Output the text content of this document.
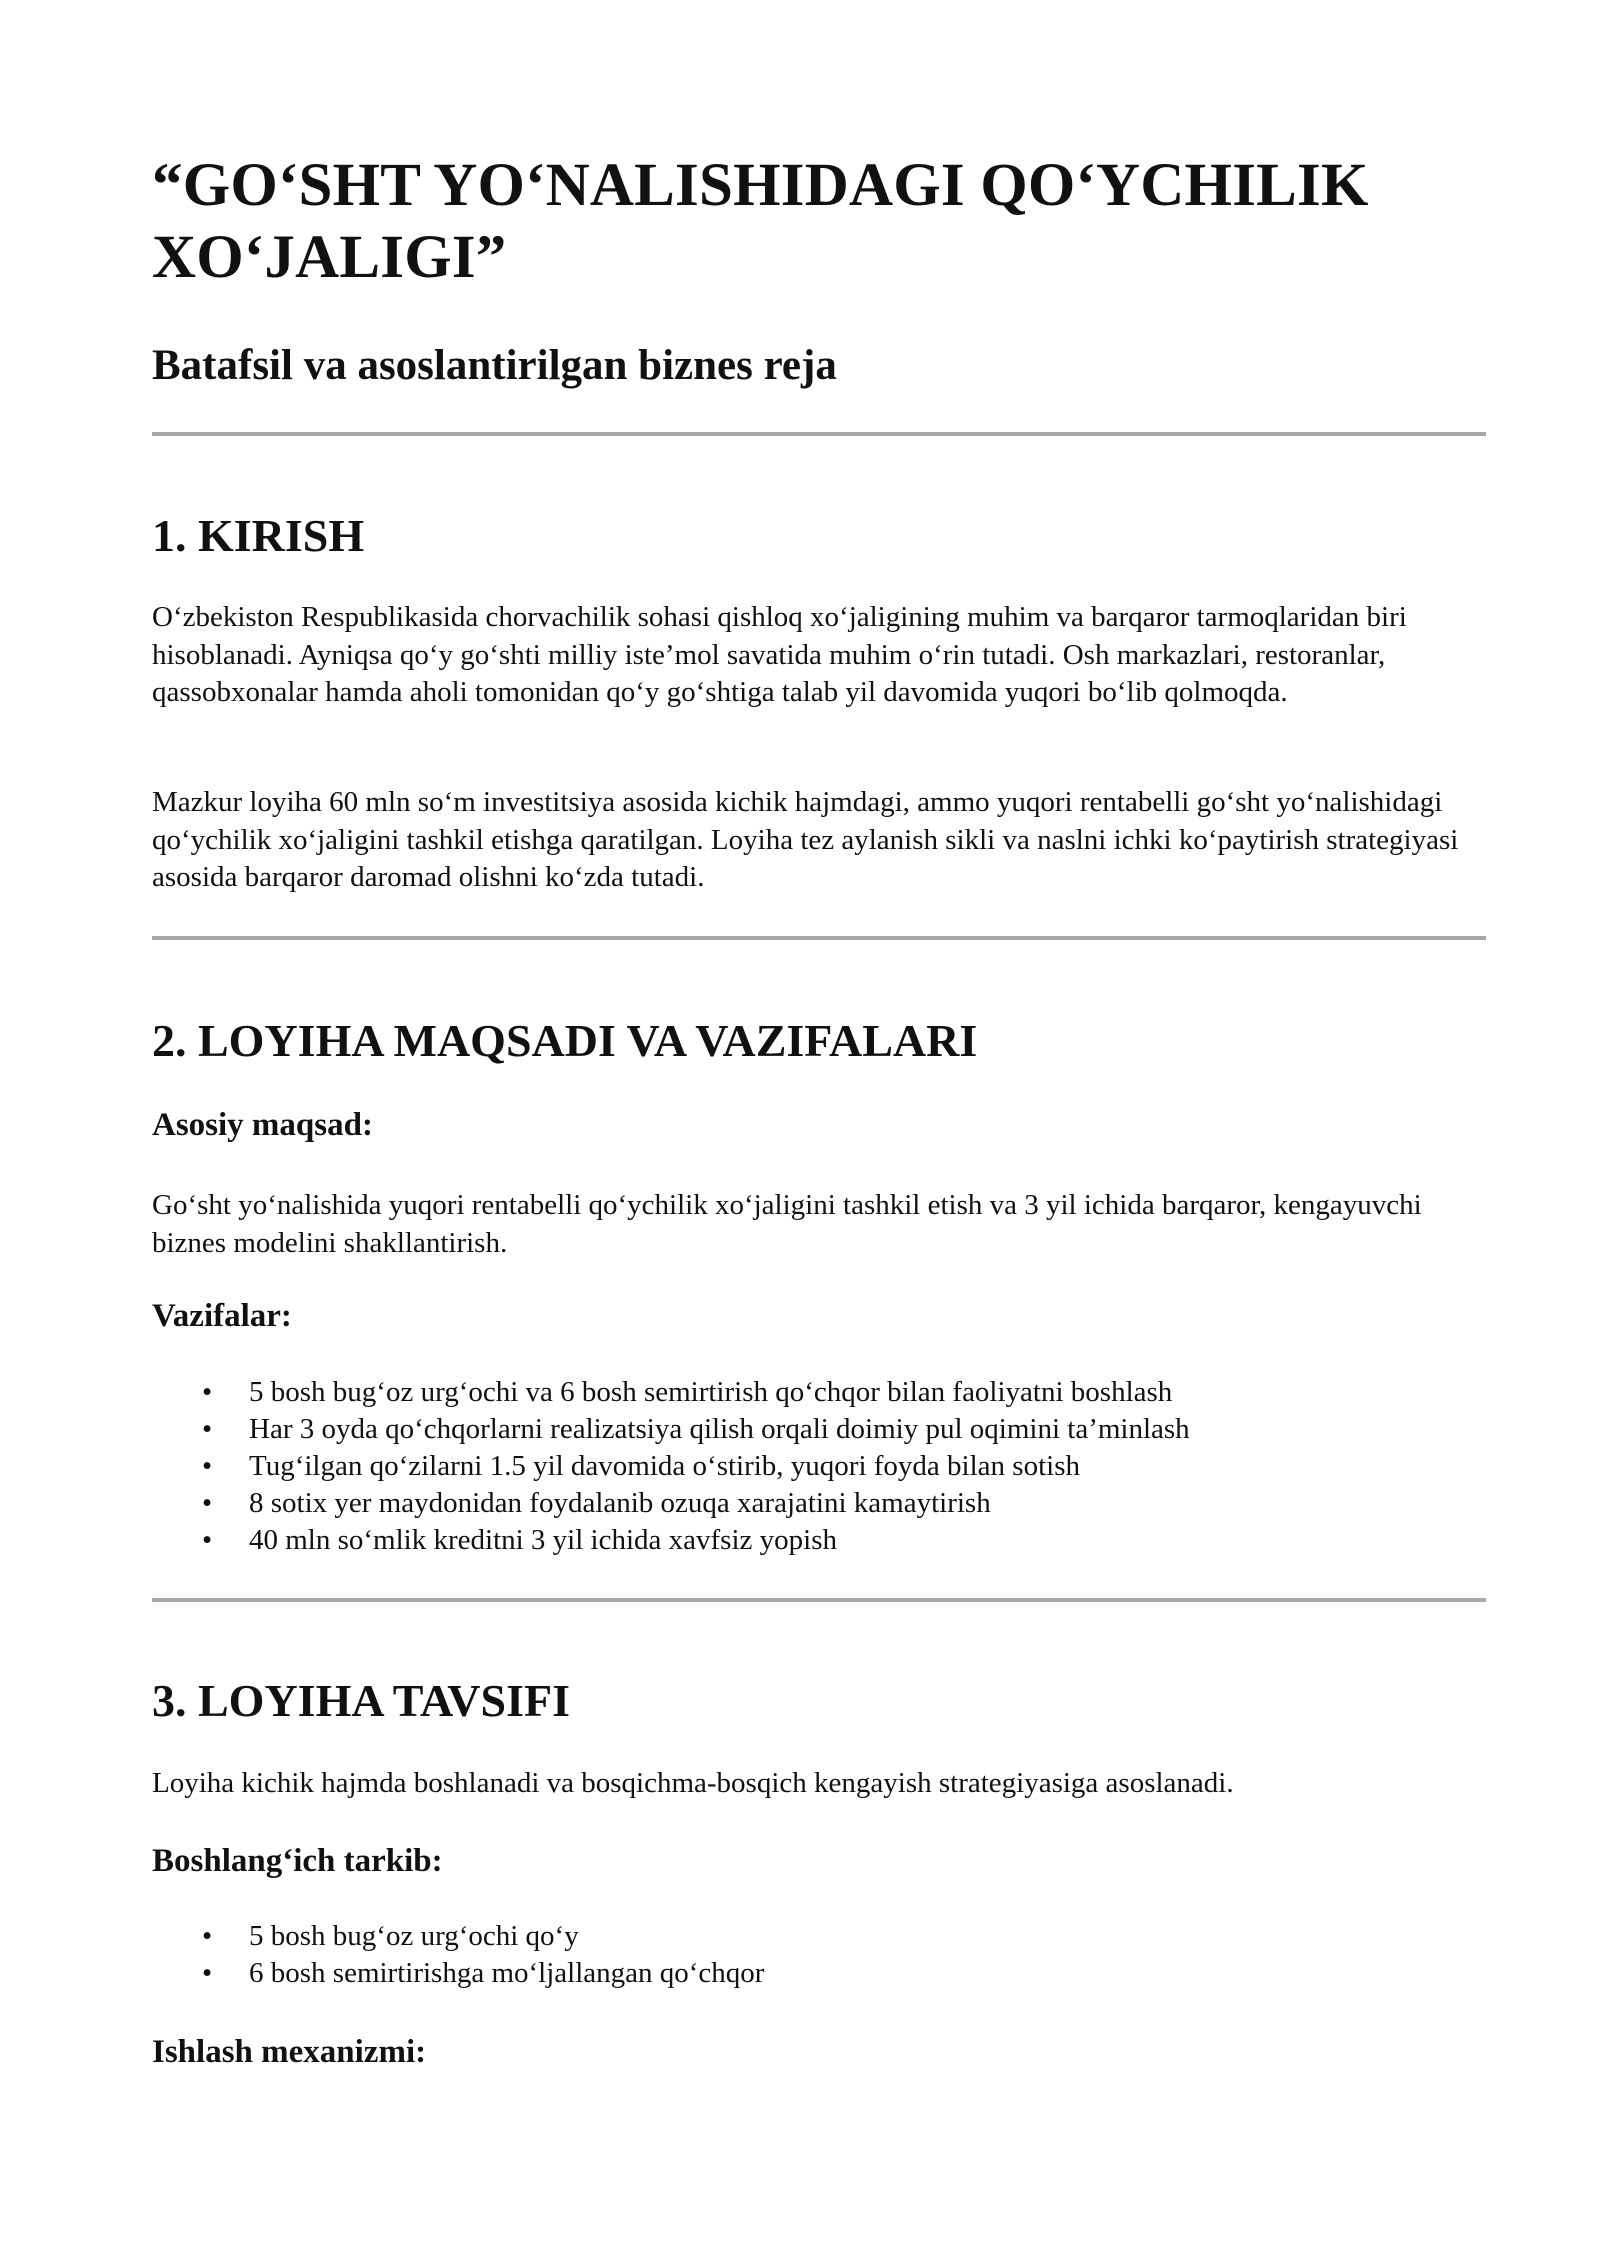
“GO‘SHT YO‘NALISHIDAGI QO‘YCHILIK XO‘JALIGI”
Batafsil va asoslantirilgan biznes reja
1. KIRISH

O‘zbekiston Respublikasida chorvachilik sohasi qishloq xo‘jaligining muhim va barqaror tarmoqlaridan biri hisoblanadi. Ayniqsa qo‘y go‘shti milliy iste’mol savatida muhim o‘rin tutadi. Osh markazlari, restoranlar, qassobxonalar hamda aholi tomonidan qo‘y go‘shtiga talab yil davomida yuqori bo‘lib qolmoqda.

Mazkur loyiha 60 mln so‘m investitsiya asosida kichik hajmdagi, ammo yuqori rentabelli go‘sht yo‘nalishidagi qo‘ychilik xo‘jaligini tashkil etishga qaratilgan. Loyiha tez aylanish sikli va naslni ichki ko‘paytirish strategiyasi asosida barqaror daromad olishni ko‘zda tutadi.

2. LOYIHA MAQSADI VA VAZIFALARI
Asosiy maqsad:

Go‘sht yo‘nalishida yuqori rentabelli qo‘ychilik xo‘jaligini tashkil etish va 3 yil ichida barqaror, kengayuvchi biznes modelini shakllantirish.

Vazifalar:
• 5 bosh bug‘oz urg‘ochi va 6 bosh semirtirish qo‘chqor bilan faoliyatni boshlash
• Har 3 oyda qo‘chqorlarni realizatsiya qilish orqali doimiy pul oqimini ta’minlash
• Tug‘ilgan qo‘zilarni 1.5 yil davomida o‘stirib, yuqori foyda bilan sotish
• 8 sotix yer maydonidan foydalanib ozuqa xarajatini kamaytirish
• 40 mln so‘mlik kreditni 3 yil ichida xavfsiz yopish
3. LOYIHA TAVSIFI

Loyiha kichik hajmda boshlanadi va bosqichma-bosqich kengayish strategiyasiga asoslanadi.

Boshlang‘ich tarkib:
• 5 bosh bug‘oz urg‘ochi qo‘y
• 6 bosh semirtirishga mo‘ljallangan qo‘chqor
Ishlash mexanizmi:
